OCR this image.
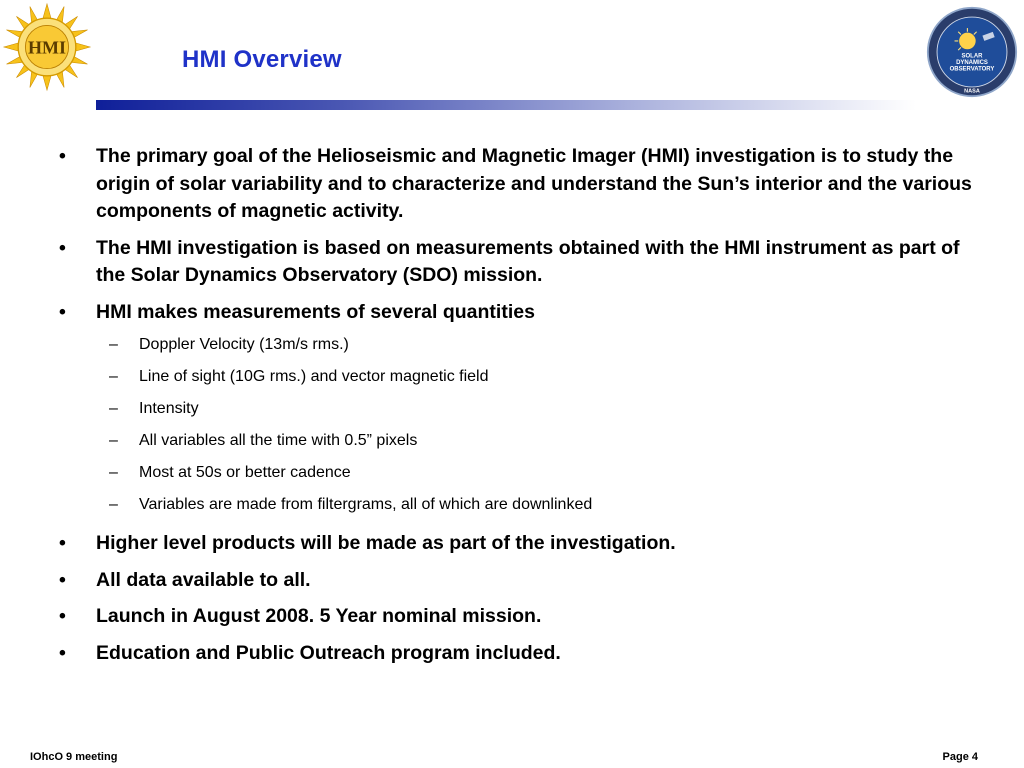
HMI	HMI Overview	SOLAR
DYNAMICS
OBSERVATORY
NASA
• The primary goal of the Helioseismic and Magnetic Imager (HMI) investigation is to study the origin of solar variability and to characterize and understand the Sun’s interior and the various components of magnetic activity.
• The HMI investigation is based on measurements obtained with the HMI instrument as part of the Solar Dynamics Observatory (SDO) mission.
• HMI makes measurements of several quantities
– Doppler Velocity (13m/s rms.)
– Line of sight (10G rms.) and vector magnetic field
– Intensity
– All variables all the time with 0.5” pixels
– Most at 50s or better cadence
– Variables are made from filtergrams, all of which are downlinked
• Higher level products will be made as part of the investigation.
• All data available to all.
• Launch in August 2008. 5 Year nominal mission.
• Education and Public Outreach program included.
IOhcO 9 meeting	Page 4
